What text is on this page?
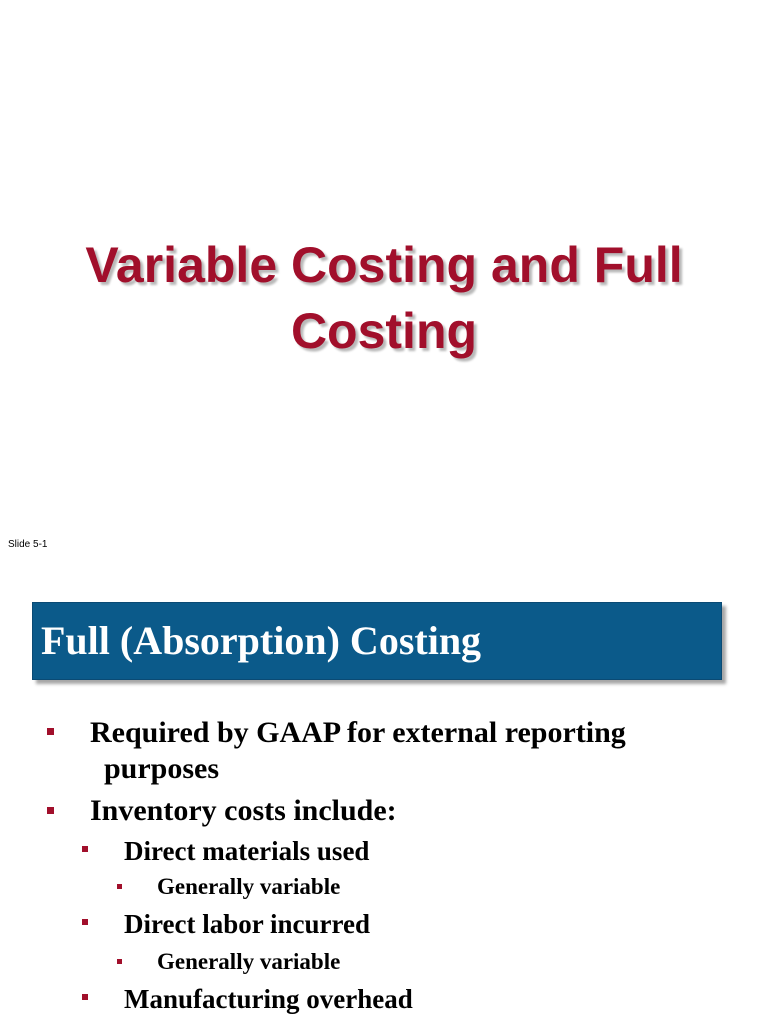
Variable Costing and Full
Costing
Slide 5-1
Full (Absorption) Costing
Required by GAAP for external reporting
purposes
Inventory costs include:
Direct materials used
Generally variable
Direct labor incurred
Generally variable
Manufacturing overhead
